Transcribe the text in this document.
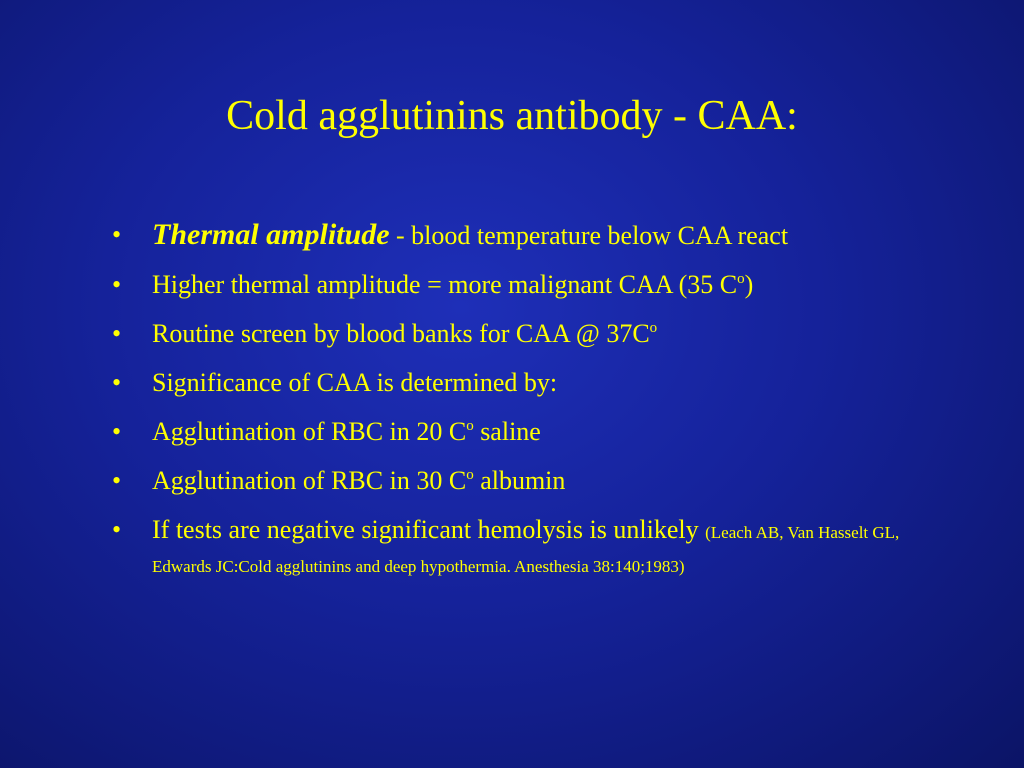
Cold agglutinins antibody - CAA:
• Thermal amplitude - blood temperature below CAA react
• Higher thermal amplitude = more malignant CAA (35 $C^o$)
• Routine screen by blood banks for CAA @ $37C^o$
• Significance of CAA is determined by:
• Agglutination of RBC in 20 $C^o$ saline
• Agglutination of RBC in 30 $C^o$ albumin
• If tests are negative significant hemolysis is unlikely (Leach AB, Van Hasselt GL, Edwards JC:Cold agglutinins and deep hypothermia. Anesthesia 38:140;1983)
